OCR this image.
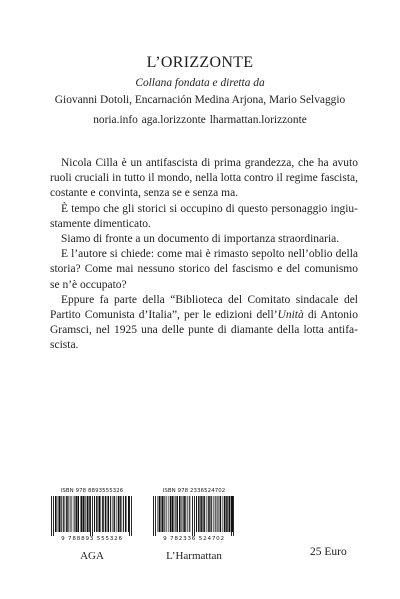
L’ORIZZONTE
Collana fondata e diretta da
Giovanni Dotoli, Encarnación Medina Arjona, Mario Selvaggio
noria.info aga.lorizzonte lharmattan.lorizzonte

Nicola Cilla è un antifascista di prima grandezza, che ha avuto ruoli cruciali in tutto il mondo, nella lotta contro il regime fascista, costante e convinta, senza se e senza ma.

È tempo che gli storici si occupino di questo personaggio ingiustamente dimenticato.

Siamo di fronte a un documento di importanza straordinaria.

E l’autore si chiede: come mai è rimasto sepolto nell’oblio della storia? Come mai nessuno storico del fascismo e del comunismo se n’è occupato?

Eppure fa parte della “Biblioteca del Comitato sindacale del Partito Comunista d’Italia”, per le edizioni dell’Unità di Antonio Gramsci, nel 1925 una delle punte di diamante della lotta antifascista.

ISBN 978 8893555326
9 788893 555326
AGA
ISBN 978 2336524702
9 782336 524702
L’Harmattan	25 Euro
